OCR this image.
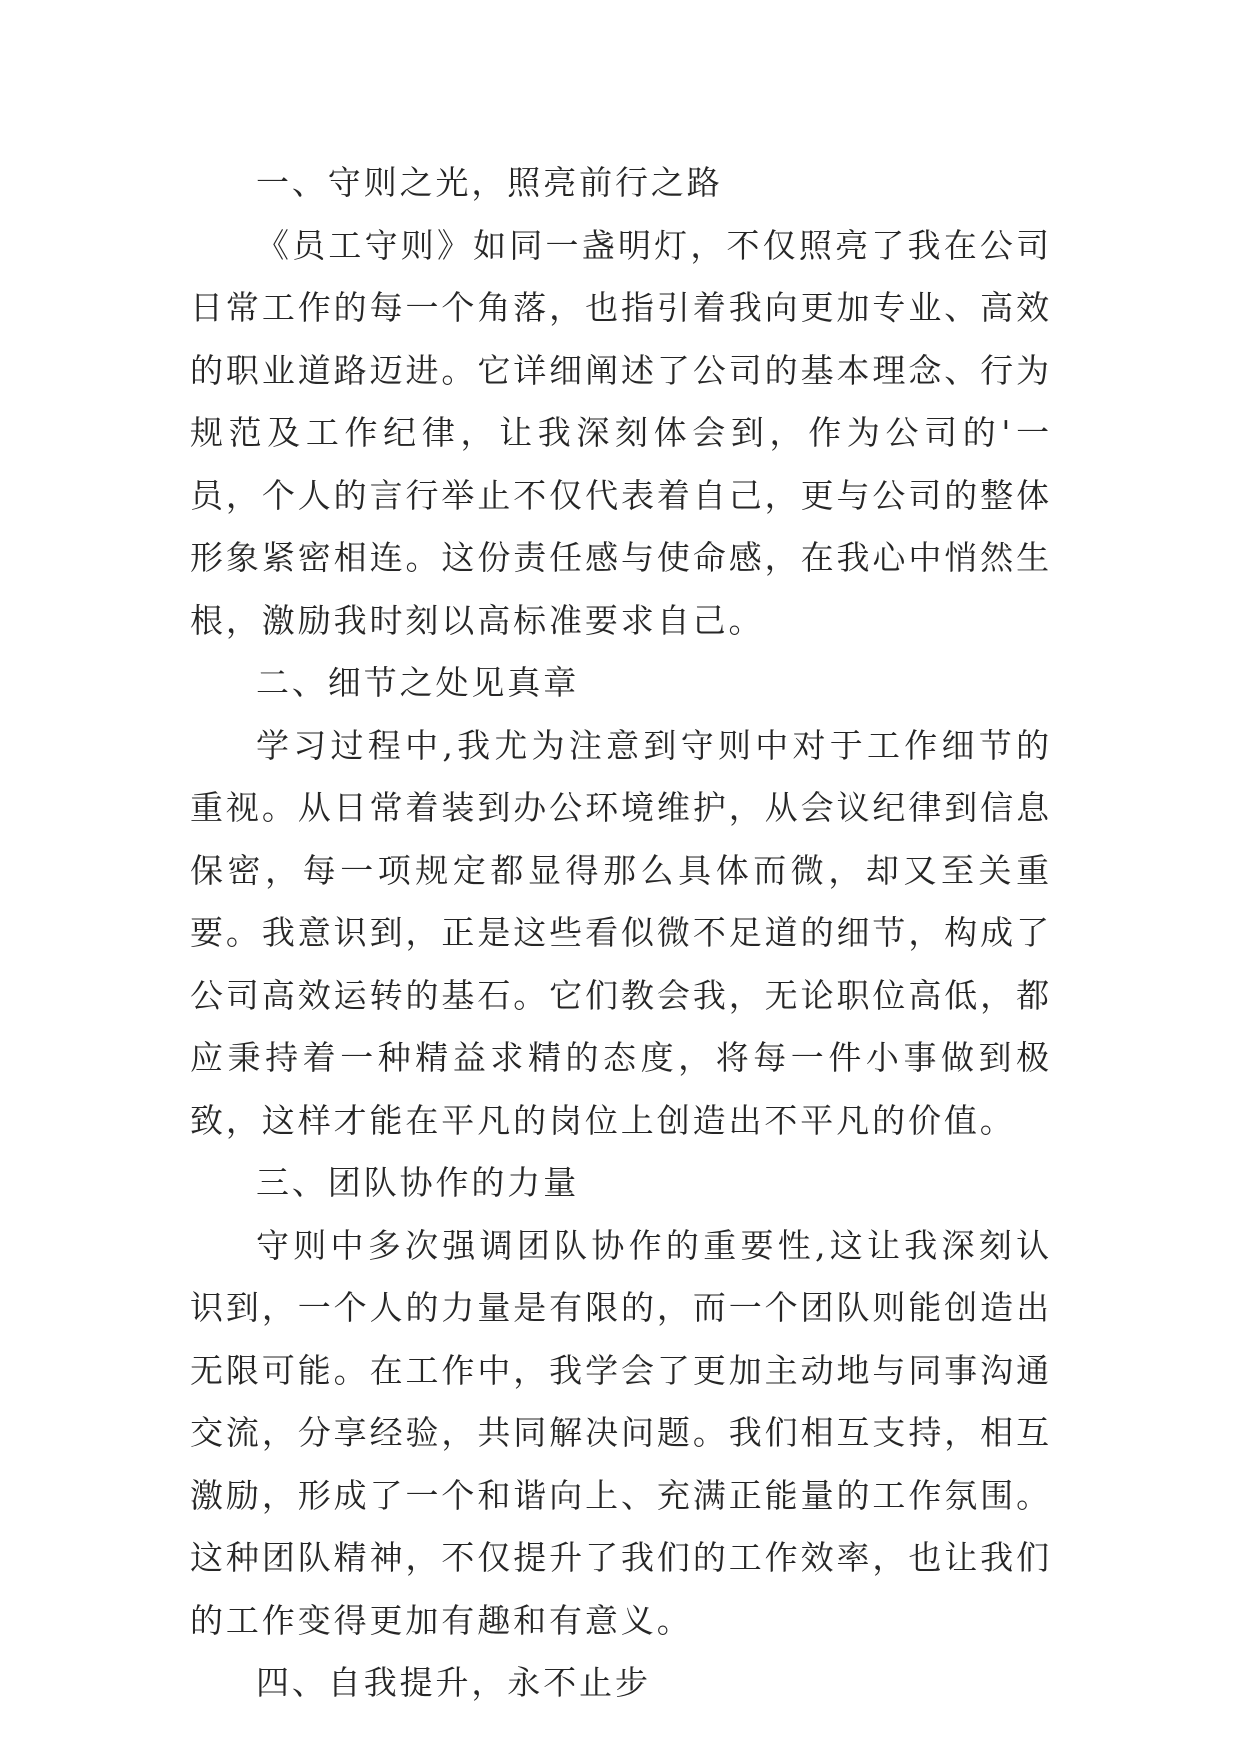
一、守则之光，照亮前行之路

《员工守则》如同一盏明灯，不仅照亮了我在公司日常工作的每一个角落，也指引着我向更加专业、高效的职业道路迈进。它详细阐述了公司的基本理念、行为规范及工作纪律，让我深刻体会到，作为公司的'一员，个人的言行举止不仅代表着自己，更与公司的整体形象紧密相连。这份责任感与使命感，在我心中悄然生根，激励我时刻以高标准要求自己。

二、细节之处见真章

学习过程中,我尤为注意到守则中对于工作细节的重视。从日常着装到办公环境维护，从会议纪律到信息保密，每一项规定都显得那么具体而微，却又至关重要。我意识到，正是这些看似微不足道的细节，构成了公司高效运转的基石。它们教会我，无论职位高低，都应秉持着一种精益求精的态度，将每一件小事做到极致，这样才能在平凡的岗位上创造出不平凡的价值。

三、团队协作的力量

守则中多次强调团队协作的重要性,这让我深刻认识到，一个人的力量是有限的，而一个团队则能创造出无限可能。在工作中，我学会了更加主动地与同事沟通交流，分享经验，共同解决问题。我们相互支持，相互激励，形成了一个和谐向上、充满正能量的工作氛围。这种团队精神，不仅提升了我们的工作效率，也让我们的工作变得更加有趣和有意义。

四、自我提升，永不止步
